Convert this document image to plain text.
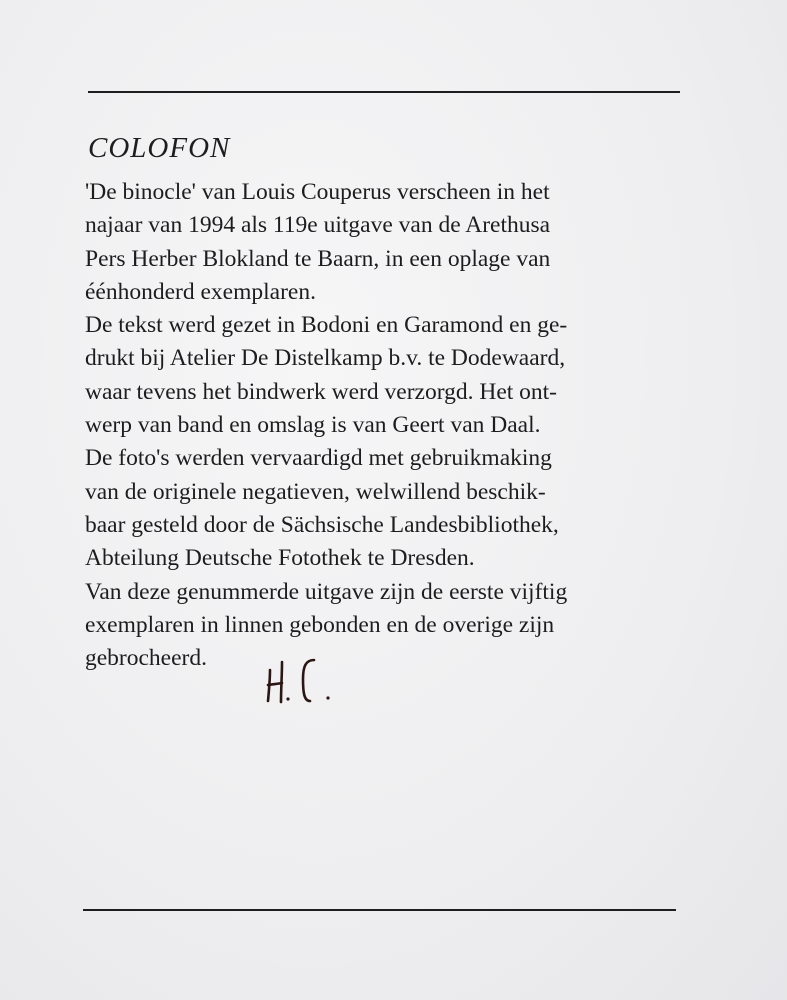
COLOFON
'De binocle' van Louis Couperus verscheen in het
najaar van 1994 als 119e uitgave van de Arethusa
Pers Herber Blokland te Baarn, in een oplage van
éénhonderd exemplaren.
De tekst werd gezet in Bodoni en Garamond en ge-
drukt bij Atelier De Distelkamp b.v. te Dodewaard,
waar tevens het bindwerk werd verzorgd. Het ont-
werp van band en omslag is van Geert van Daal.
De foto's werden vervaardigd met gebruikmaking
van de originele negatieven, welwillend beschik-
baar gesteld door de Sächsische Landesbibliothek,
Abteilung Deutsche Fotothek te Dresden.
Van deze genummerde uitgave zijn de eerste vijftig
exemplaren in linnen gebonden en de overige zijn
gebrocheerd.
